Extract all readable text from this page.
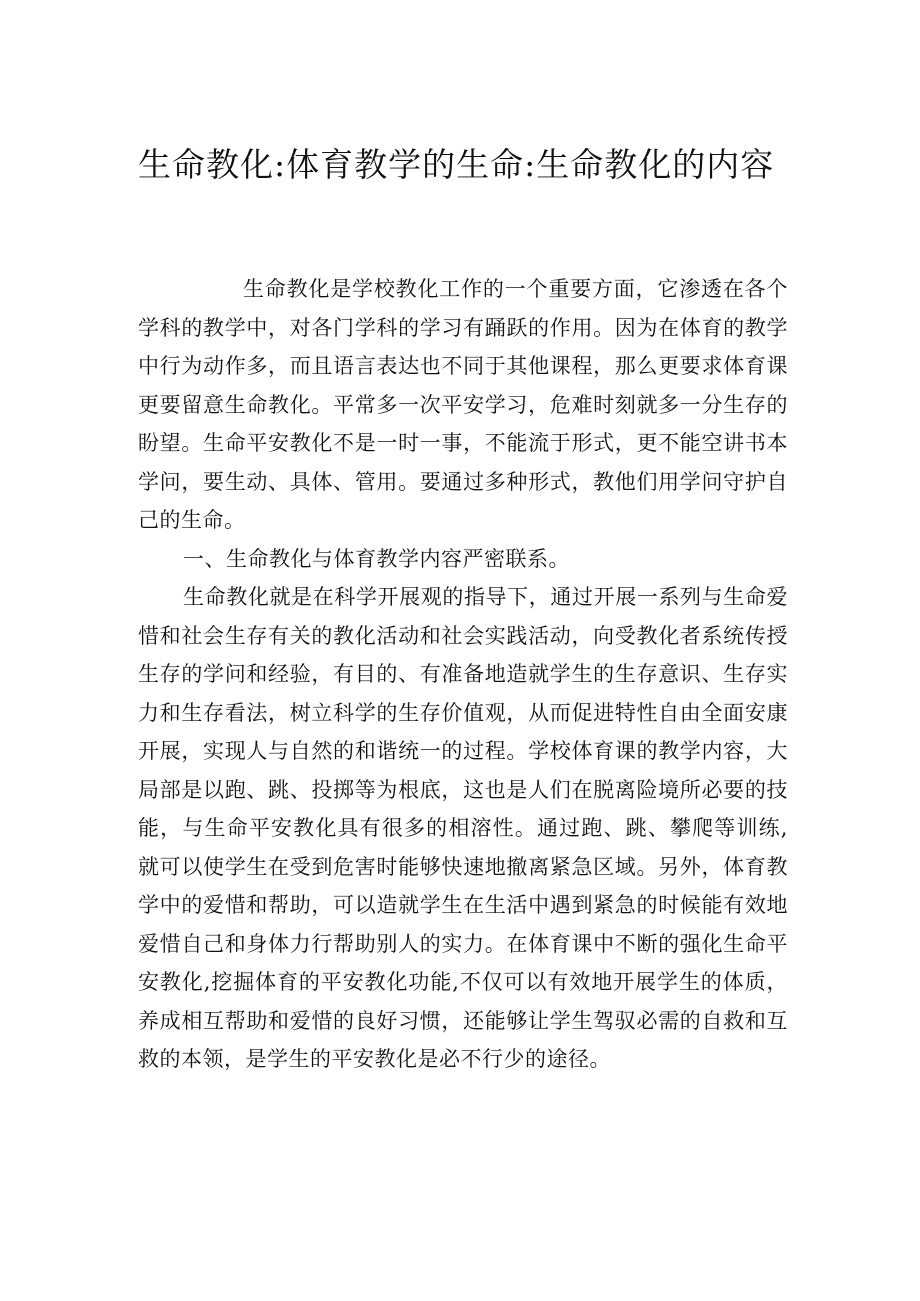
生命教化:体育教学的生命:生命教化的内容

生命教化是学校教化工作的一个重要方面，它渗透在各个学科的教学中，对各门学科的学习有踊跃的作用。因为在体育的教学中行为动作多，而且语言表达也不同于其他课程，那么更要求体育课更要留意生命教化。平常多一次平安学习，危难时刻就多一分生存的盼望。生命平安教化不是一时一事，不能流于形式，更不能空讲书本学问，要生动、具体、管用。要通过多种形式，教他们用学问守护自己的生命。

一、生命教化与体育教学内容严密联系。

生命教化就是在科学开展观的指导下，通过开展一系列与生命爱惜和社会生存有关的教化活动和社会实践活动，向受教化者系统传授生存的学问和经验，有目的、有准备地造就学生的生存意识、生存实力和生存看法，树立科学的生存价值观，从而促进特性自由全面安康开展，实现人与自然的和谐统一的过程。学校体育课的教学内容，大局部是以跑、跳、投掷等为根底，这也是人们在脱离险境所必要的技能，与生命平安教化具有很多的相溶性。通过跑、跳、攀爬等训练,就可以使学生在受到危害时能够快速地撤离紧急区域。另外，体育教学中的爱惜和帮助，可以造就学生在生活中遇到紧急的时候能有效地爱惜自己和身体力行帮助别人的实力。在体育课中不断的强化生命平安教化,挖掘体育的平安教化功能,不仅可以有效地开展学生的体质，养成相互帮助和爱惜的良好习惯，还能够让学生驾驭必需的自救和互救的本领，是学生的平安教化是必不行少的途径。
